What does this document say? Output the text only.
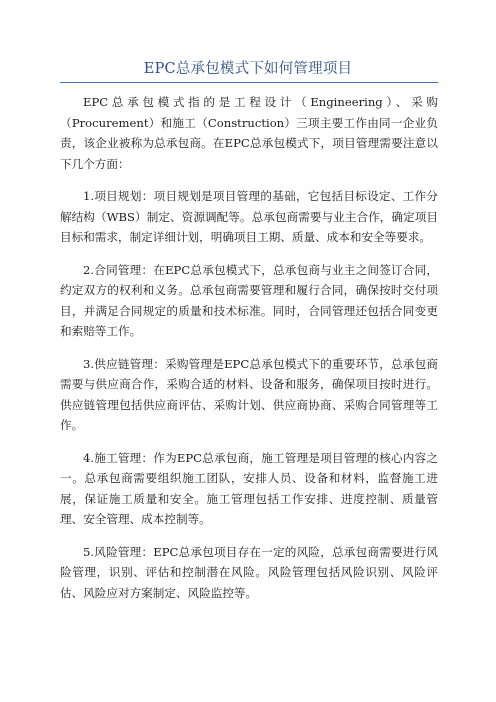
EPC总承包模式下如何管理项目

EPC总承包模式指的是工程设计（Engineering）、采购（Procurement）和施工（Construction）三项主要工作由同一企业负责，该企业被称为总承包商。在EPC总承包模式下，项目管理需要注意以下几个方面：

1.项目规划：项目规划是项目管理的基础，它包括目标设定、工作分解结构（WBS）制定、资源调配等。总承包商需要与业主合作，确定项目目标和需求，制定详细计划，明确项目工期、质量、成本和安全等要求。

2.合同管理：在EPC总承包模式下，总承包商与业主之间签订合同，约定双方的权利和义务。总承包商需要管理和履行合同，确保按时交付项目，并满足合同规定的质量和技术标准。同时，合同管理还包括合同变更和索赔等工作。

3.供应链管理：采购管理是EPC总承包模式下的重要环节，总承包商需要与供应商合作，采购合适的材料、设备和服务，确保项目按时进行。供应链管理包括供应商评估、采购计划、供应商协商、采购合同管理等工作。

4.施工管理：作为EPC总承包商，施工管理是项目管理的核心内容之一。总承包商需要组织施工团队，安排人员、设备和材料，监督施工进展，保证施工质量和安全。施工管理包括工作安排、进度控制、质量管理、安全管理、成本控制等。

5.风险管理：EPC总承包项目存在一定的风险，总承包商需要进行风险管理，识别、评估和控制潜在风险。风险管理包括风险识别、风险评估、风险应对方案制定、风险监控等。
